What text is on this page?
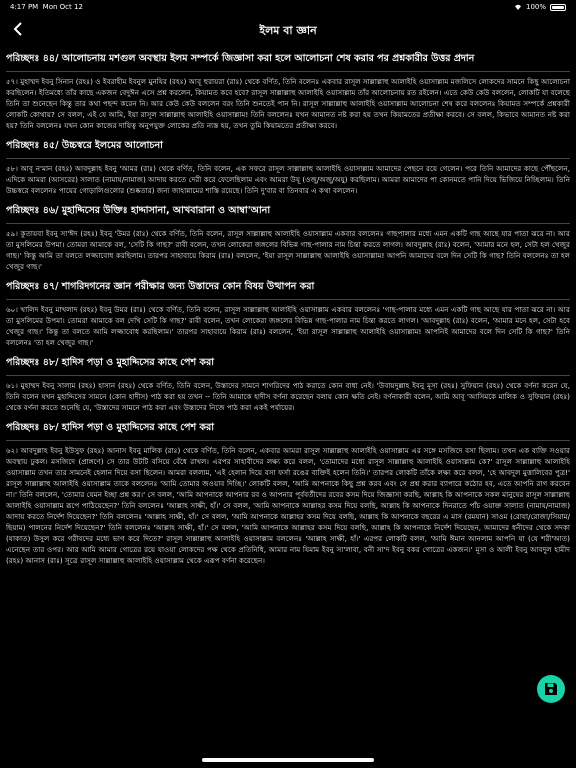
4:17 PM Mon Oct 12	100%
ইলম বা জ্ঞান
পরিচ্ছদঃ ৪৪/ আলোচনায় মশগুল অবস্থায় ইলম সম্পর্কে জিজ্ঞাসা করা হলে আলোচনা শেষ করার পর প্রশ্নকারীর উত্তর প্রদান
৫৭। মুহাম্মদ ইবনু সিনান (রহঃ) ও ইবরাহীম ইবনুল মুনযির (রহঃ) আবূ হুরায়রা (রাঃ) থেকে বর্ণিত, তিনি বলেনঃ একবার রাসূল সাল্লাল্লাহু আলাইহি ওয়াসাল্লাম মজলিসে লোকদের সামনে কিছু আলোচনা করছিলেন। ইতিমধ্যে তাঁর কাছে একজন বেদুঈন এসে প্রশ্ন করলেন, কিয়ামত কবে হবে? রাসূল সাল্লাল্লাহু আলাইহি ওয়াসাল্লাম তাঁর আলোচনায় রত রইলেন। এতে কেউ কেউ বললেন, লোকটি যা বলেছে তিনি তা শুনেছেন কিন্তু তার কথা পছন্দ করেন নি। আর কেউ কেউ বললেন বরং তিনি শুনতেই পান নি। রাসূল সাল্লাল্লাহু আলাইহি ওয়াসাল্লাম আলোচনা শেষ করে বললেনঃ কিয়ামত সম্পর্কে প্রশ্নকারী লোকটি কোথায়? সে বলল, এই যে আমি, ইয়া রাসূল সাল্লাল্লাহু আলাইহি ওয়াসাল্লাম! তিনি বললেনঃ যখন আমানত নষ্ট করা হয় তখন কিয়ামতের প্রতীক্ষা করবে। সে বলল, কিভাবে আমানত নষ্ট করা হয়? তিনি বললেনঃ যখন কোন কাজের দায়িত্ব অনুপযুক্ত লোকের প্রতি ন্যস্ত হয়, তখন তুমি কিয়ামতের প্রতীক্ষা করবে।
পরিচ্ছদঃ ৪৫/ উচ্চস্বরে ইলমের আলোচনা
৫৮। আবূ ন'মান (রহঃ) আবদুল্লাহ ইবনু 'আমর (রাঃ) থেকে বর্ণিত, তিনি বলেন, এক সফরে রাসূল সাল্লাল্লাহু আলাইহি ওয়াসাল্লাম আমাদের পেছনে রয়ে গেলেন। পরে তিনি আমাদের কাছে পৌঁছলেন, এদিকে আমরা (আসরের) সালাত (নামায/নামাজ) আদায় করতে দেরী করে ফেলেছিলাম এবং আমরা উযূ (ওজু/অজু/অযু) করছিলাম। আমরা আমাদের পা কোনমতে পানি দিয়ে ভিজিয়ে নিচ্ছিলাম। তিনি উচ্চস্বরে বললেনঃ পায়ের গোড়ালিগুলোর (শুষ্কতার) জন্য জাহান্নামের শাস্তি রয়েছে। তিনি দু'বার বা তিনবার এ কথা বললেন।
পরিচ্ছদঃ ৪৬/ মুহাদ্দিসের উক্তিঃ হাদ্দাসানা, আখবারানা ও আম্বা'আনা
৫৯। কুতায়বা ইবনু সা'ঈদ (রহঃ) ইবনু 'উমর (রাঃ) থেকে বর্ণিত, তিনি বলেন, রাসূল সাল্লাল্লাহু আলাইহি ওয়াসাল্লাম একবার বললেনঃ গাছপালার মধ্যে এমন একটি গাছ আছে যার পাতা ঝরে না। আর তা মুসলিমের উপমা। তোমরা আমাকে বল, 'সেটি কি গাছ?' রাবী বলেন, তখন লোকেরা জঙ্গলের বিভিন্ন গাছ-পালার নাম চিন্তা করতে লাগল। আবদুল্লাহ (রাঃ) বলেন, 'আমার মনে হল, সেটা হল খেজুর গাছ।' কিন্তু আমি তা বলতে লজ্জাবোধ করছিলাম। তারপর সাহাবায়ে কিরাম (রাঃ) বললেন, 'ইয়া রাসূল সাল্লাল্লাহু আলাইহি ওয়াসাল্লাম! আপনি আমাদের বলে দিন সেটি কি গাছ? তিনি বললেনঃ তা হল খেজুর গাছ।'
পরিচ্ছদঃ ৪৭/ শাগরিদগনের জ্ঞান পরীক্ষার জন্য উস্তাদের কোন বিষয় উত্থাপন করা
৬০। খালিদ ইবনু মাখলাদ (রহঃ) ইবনু উমর (রাঃ) থেকে বর্ণিত, তিনি বলেন, রাসূল সাল্লাল্লাহু আলাইহি ওয়াসাল্লাম একবার বললেনঃ 'গাছ-পালার মধ্যে এমন একটি গাছ আছে যার পাতা ঝরে না। আর তা মুসলিমের উপমা। তোমরা আমাকে বল দেখি সেটি কি গাছ?' রাবী বলেন, তখন লোকেরা জঙ্গলের বিভিন্ন গাছ-পালার নাম চিন্তা করতে লাগল। 'আবদুল্লাহ (রাঃ) বলেন, 'আমার মনে হল, সেটা হবে খেজুর গাছ।' কিন্তু তা বলতে আমি লজ্জাবোধ করছিলাম।' তারপর সাহাবায়ে কিরাম (রাঃ) বললেন, 'ইয়া রাসূল সাল্লাল্লাহু আলাইহি ওয়াসাল্লাম! আপনিই আমাদের বলে দিন সেটি কি গাছ?' তিনি বললেনঃ 'তা হল খেজুর গাছ।'
পরিচ্ছদঃ ৪৮/ হাদিস পড়া ও মুহাদ্দিসের কাছে পেশ করা
৬১। মুহাম্মদ ইবনু সালাম (রহঃ) হাসান (রহঃ) থেকে বর্ণিত, তিনি বলেন, উস্তাদের সামনে শাগরিদের পাঠ করাতে কোন বাধা নেই। 'উবায়দুল্লাহ ইবনু মূসা (রহঃ) সুফিয়ান (রহঃ) থেকে বর্ণনা করেন যে, তিনি বলেন যখন মুহাদ্দিসের সামনে (কোন হাদীস) পাঠ করা হয় তখন -- তিনি আমাকে হাদীস বর্ণনা করেছেন বলায় কোন ক্ষতি নেই। বর্ণনাকারী বলেন, আমি আবূ 'আসিমকে মালিক ও সুফিয়ান (রহঃ) থেকে বর্ণনা করতে শুনেছি যে, 'উস্তাদের সামনে পাঠ করা এবং উস্তাদের নিজে পাঠ করা একই পর্যায়ের।
পরিচ্ছদঃ ৪৮/ হাদিস পড়া ও মুহাদ্দিসের কাছে পেশ করা
৬২। আবদুল্লাহ ইবনু ইউসুফ (রহঃ) আনাস ইবনু মালিক (রাঃ) থেকে বর্ণিত, তিনি বলেন, একবার আমরা রাসূল সাল্লাল্লাহু আলাইহি ওয়াসাল্লাম এর সঙ্গে মসজিদে বসা ছিলাম। তখন এক ব্যক্তি সওয়ার অবস্থায় ঢুকল। মসজিদে (প্রাঙ্গণে) সে তার উটটি বসিয়ে বেঁধে রাখল। এরপর সাহাবীদের লক্ষ্য করে বলল, 'তোমাদের মধ্যে রাসূল সাল্লাল্লাহু আলাইহি ওয়াসাল্লাম কে?' রাসূল সাল্লাল্লাহু আলাইহি ওয়াসাল্লাম তখন তার সামনেই হেলান দিয়ে বসা ছিলেন। আমরা বললাম, 'এই হেলান দিয়ে বসা ফর্সা রঙের ব্যক্তিই হলেন তিনি।' তারপর লোকটি তাঁকে লক্ষ্য করে বলল, 'হে আবদুল মুত্তালিবের পুত্র!' রাসূল সাল্লাল্লাহু আলাইহি ওয়াসাল্লাম তাকে বললেনঃ 'আমি তোমার জওয়াব দিচ্ছি।' লোকটি বলল, 'আমি আপনাকে কিছু প্রশ্ন করব এবং সে প্রশ্ন করার ব্যাপারে কঠোর হব, এতে আপনি রাগ করবেন না।' তিনি বললেন, 'তোমার যেমন ইচ্ছা প্রশ্ন কর।' সে বলল, 'আমি আপনাকে আপনার রব ও আপনার পূর্ববর্তীদের রবের কসম দিয়ে জিজ্ঞাসা করছি, আল্লাহ কি আপনাকে সকল মানুষের রাসূল সাল্লাল্লাহু আলাইহি ওয়াসাল্লাম রূপে পাঠিয়েছেন?' তিনি বললেনঃ 'আল্লাহ সাক্ষী, হাঁ।' সে বলল, 'আমি আপনাকে আল্লাহর কসম দিয়ে বলছি, আল্লাহ কি আপনাকে দিনরাতে পাঁচ ওয়াক্ত সালাত (নামায/নামাজ) আদায় করতে নির্দেশ দিয়েছেন?' তিনি বললেনঃ 'আল্লাহ সাক্ষী, হাঁ।' সে বলল, 'আমি আপনাকে আল্লাহর কসম দিয়ে বলছি, আল্লাহ কি আপনাকে বছরের এ মাস (রমযান) সাওম (রোযা/রোজা/সিয়াম/ছিয়াম) পালনের নির্দেশ দিয়েছেন?' তিনি বললেনঃ 'আল্লাহ সাক্ষী, হাঁ।' সে বলল, 'আমি আপনাকে আল্লাহর কসম দিয়ে বলছি, আল্লাহ কি আপনাকে নির্দেশ দিয়েছেন, আমাদের ধনীদের থেকে সদকা (যাকাত) উসুল করে গরীবদের মধ্যে ভাগ করে দিতে?' রাসূল সাল্লাল্লাহু আলাইহি ওয়াসাল্লাম বললেনঃ 'আল্লাহ সাক্ষী, হাঁ।' এরপর লোকটি বলল, 'আমি ঈমান আনলাম আপনি যা (যে শরী'আত) এনেছেন তার ওপর। আর আমি আমার গোত্রের রয়ে যাওয়া লোকদের পক্ষ থেকে প্রতিনিধি, আমার নাম যিমাম ইবনু সা'লাবা, বনী সা'দ ইবনু বকর গোত্রের একজন।' মূসা ও আলী ইবনু আবদুল হামীদ (রহঃ) আনাস (রাঃ) সূত্রে রাসূল সাল্লাল্লাহু আলাইহি ওয়াসাল্লাম থেকে এরূপ বর্ণনা করেছেন।
